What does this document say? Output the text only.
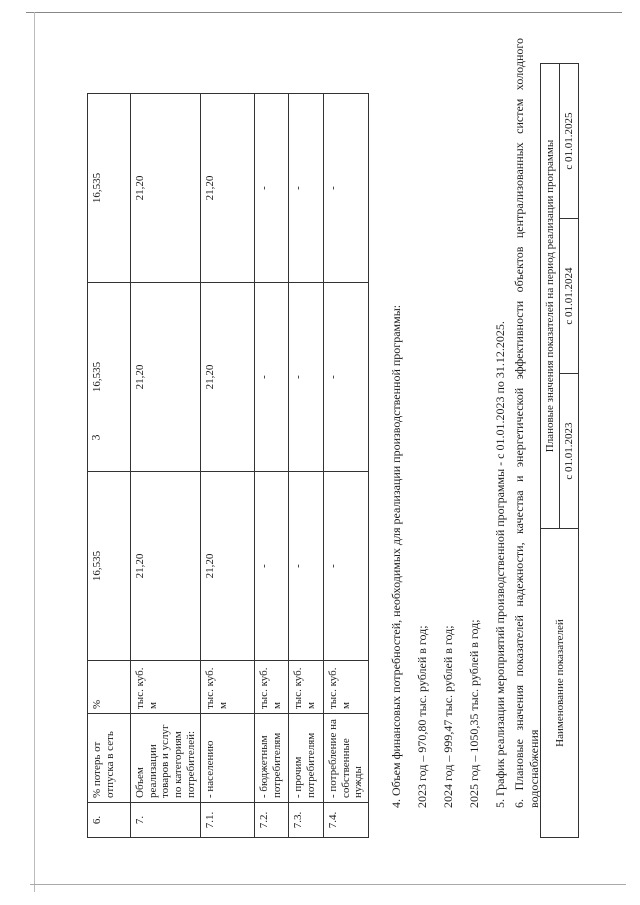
3
6.	% потерь от отпуска в сеть	%	16,535	16,535	16,535
7.	Объем реализации товаров и услуг по категориям потребителей:	тыс. куб. м	21,20	21,20	21,20
7.1.	- населению	тыс. куб. м	21,20	21,20	21,20
7.2.	- бюджетным потребителям	тыс. куб. м	-	-	-
7.3.	- прочим потребителям	тыс. куб. м	-	-	-
7.4.	- потребление на собственные нужды	тыс. куб. м	-	-	-
4. Объем финансовых потребностей, необходимых для реализации производственной программы: 2023 год – 970,80 тыс. рублей в год; 2024 год – 999,47 тыс. рублей в год; 2025 год – 1050,35 тыс. рублей в год; 5. График реализации мероприятий производственной программы - с 01.01.2023 по 31.12.2025. 6. Плановые значения показателей надежности, качества и энергетической эффективности объектов централизованных систем холодного водоснабжения
Наименование показателей	Плановые значения показателей на период реализации программы		
	с 01.01.2023	с 01.01.2024	с 01.01.2025
